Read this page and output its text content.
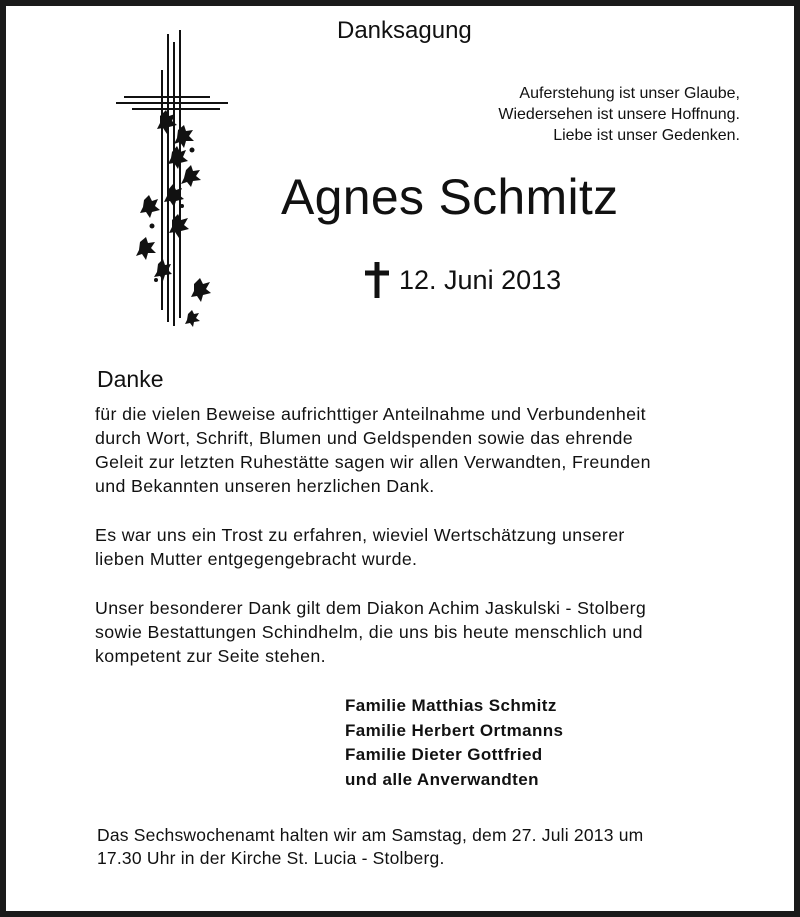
Danksagung
Auferstehung ist unser Glaube,
Wiedersehen ist unsere Hoffnung.
Liebe ist unser Gedenken.
Agnes Schmitz
12. Juni 2013
Danke

für die vielen Beweise aufrichttiger Anteilnahme und Verbundenheit
durch Wort, Schrift, Blumen und Geldspenden sowie das ehrende
Geleit zur letzten Ruhestätte sagen wir allen Verwandten, Freunden
und Bekannten unseren herzlichen Dank.

Es war uns ein Trost zu erfahren, wieviel Wertschätzung unserer
lieben Mutter entgegengebracht wurde.

Unser besonderer Dank gilt dem Diakon Achim Jaskulski - Stolberg
sowie Bestattungen Schindhelm, die uns bis heute menschlich und
kompetent zur Seite stehen.

Familie Matthias Schmitz
Familie Herbert Ortmanns
Familie Dieter Gottfried
und alle Anverwandten

Das Sechswochenamt halten wir am Samstag, dem 27. Juli 2013 um
17.30 Uhr in der Kirche St. Lucia - Stolberg.
